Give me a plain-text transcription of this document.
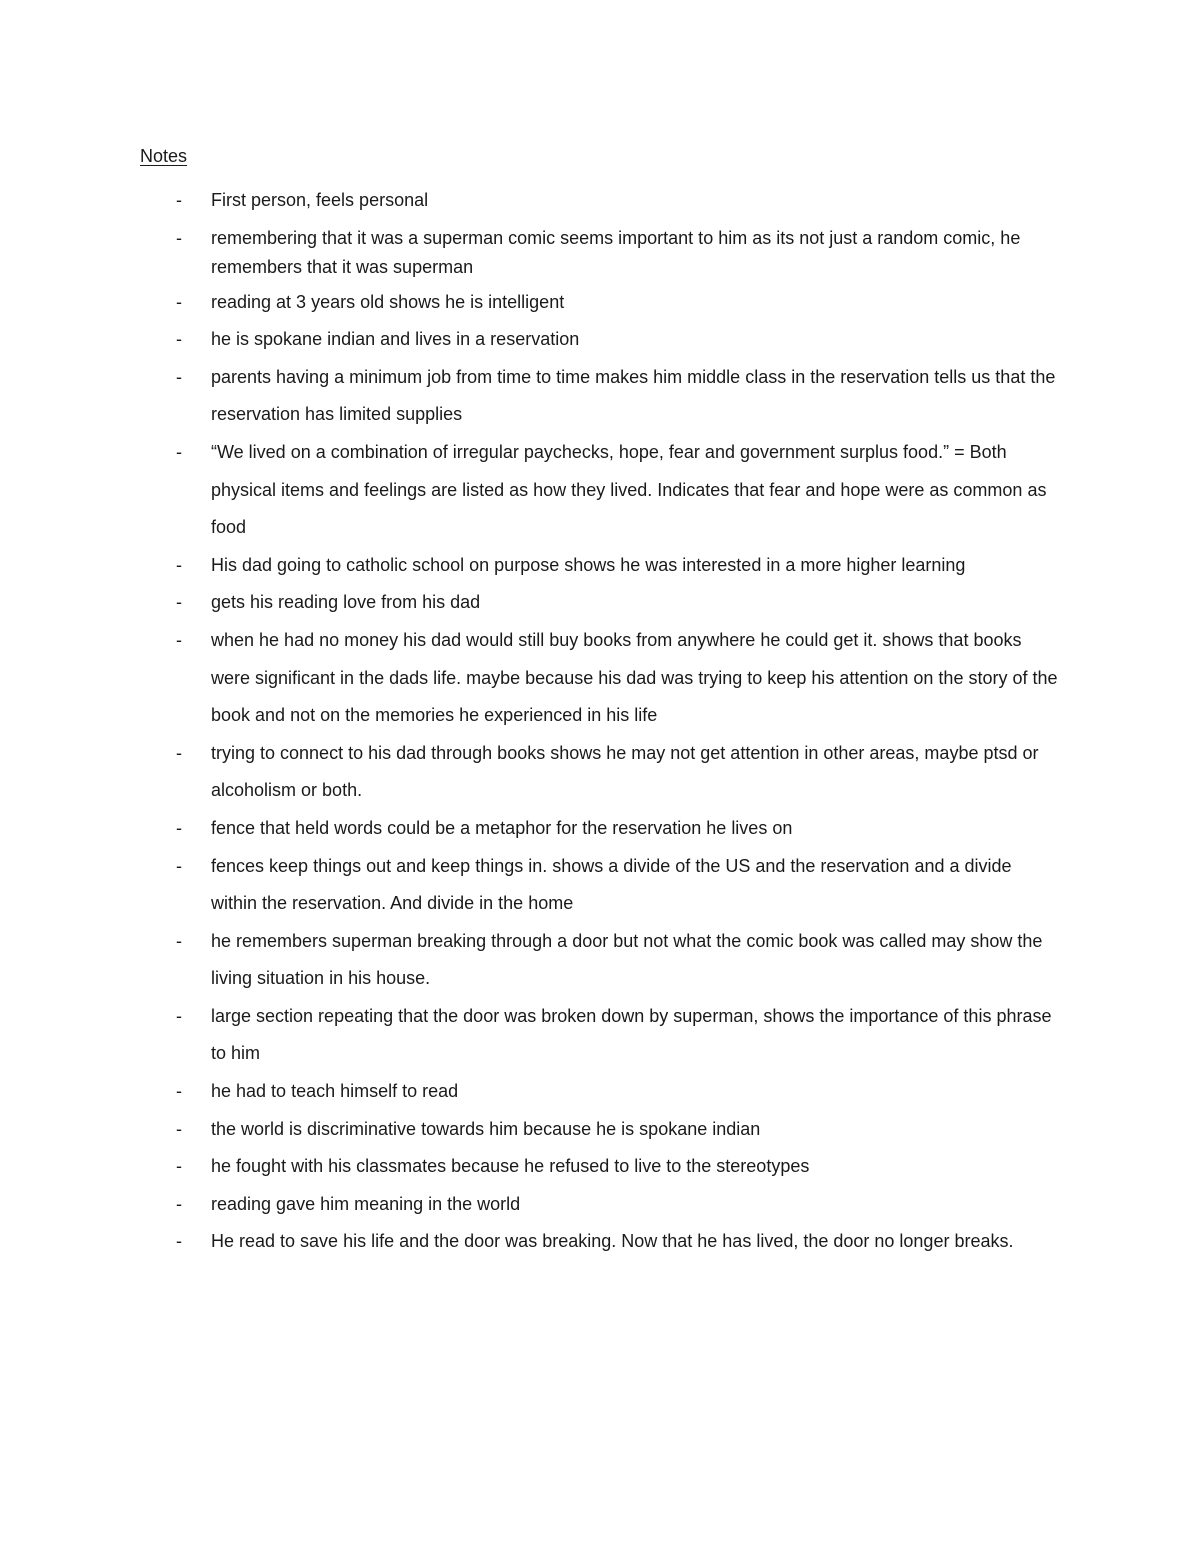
Notes
- First person, feels personal
- remembering that it was a superman comic seems important to him as its not just a random comic, he remembers that it was superman
- reading at 3 years old shows he is intelligent
- he is spokane indian and lives in a reservation
- parents having a minimum job from time to time makes him middle class in the reservation tells us that the reservation has limited supplies
- “We lived on a combination of irregular paychecks, hope, fear and government surplus food.” = Both physical items and feelings are listed as how they lived. Indicates that fear and hope were as common as food
- His dad going to catholic school on purpose shows he was interested in a more higher learning
- gets his reading love from his dad
- when he had no money his dad would still buy books from anywhere he could get it. shows that books were significant in the dads life. maybe because his dad was trying to keep his attention on the story of the book and not on the memories he experienced in his life
- trying to connect to his dad through books shows he may not get attention in other areas, maybe ptsd or alcoholism or both.
- fence that held words could be a metaphor for the reservation he lives on
- fences keep things out and keep things in. shows a divide of the US and the reservation and a divide within the reservation. And divide in the home
- he remembers superman breaking through a door but not what the comic book was called may show the living situation in his house.
- large section repeating that the door was broken down by superman, shows the importance of this phrase to him
- he had to teach himself to read
- the world is discriminative towards him because he is spokane indian
- he fought with his classmates because he refused to live to the stereotypes
- reading gave him meaning in the world
- He read to save his life and the door was breaking. Now that he has lived, the door no longer breaks.
